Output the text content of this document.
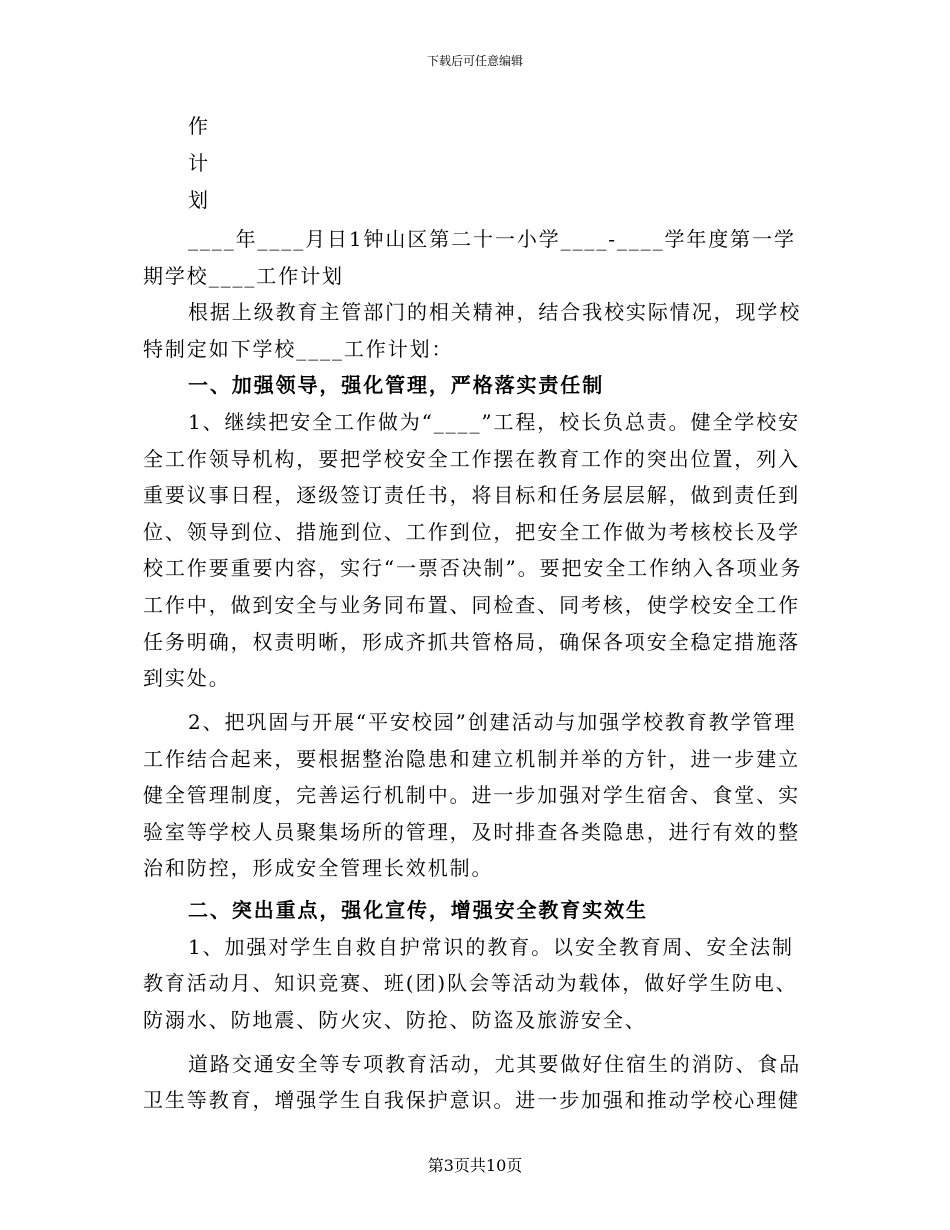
下载后可任意编辑
作
计
划

____年____月日1钟山区第二十一小学____-____学年度第一学期学校____工作计划

根据上级教育主管部门的相关精神，结合我校实际情况，现学校特制定如下学校____工作计划：

一、加强领导，强化管理，严格落实责任制

1、继续把安全工作做为“____”工程，校长负总责。健全学校安全工作领导机构，要把学校安全工作摆在教育工作的突出位置，列入重要议事日程，逐级签订责任书，将目标和任务层层解，做到责任到位、领导到位、措施到位、工作到位，把安全工作做为考核校长及学校工作要重要内容，实行“一票否决制”。要把安全工作纳入各项业务工作中，做到安全与业务同布置、同检查、同考核，使学校安全工作任务明确，权责明晰，形成齐抓共管格局，确保各项安全稳定措施落到实处。

2、把巩固与开展“平安校园”创建活动与加强学校教育教学管理工作结合起来，要根据整治隐患和建立机制并举的方针，进一步建立健全管理制度，完善运行机制中。进一步加强对学生宿舍、食堂、实验室等学校人员聚集场所的管理，及时排查各类隐患，进行有效的整治和防控，形成安全管理长效机制。

二、突出重点，强化宣传，增强安全教育实效生

1、加强对学生自救自护常识的教育。以安全教育周、安全法制教育活动月、知识竞赛、班(团)队会等活动为载体，做好学生防电、防溺水、防地震、防火灾、防抢、防盗及旅游安全、

道路交通安全等专项教育活动，尤其要做好住宿生的消防、食品卫生等教育，增强学生自我保护意识。进一步加强和推动学校心理健

第3页共10页
